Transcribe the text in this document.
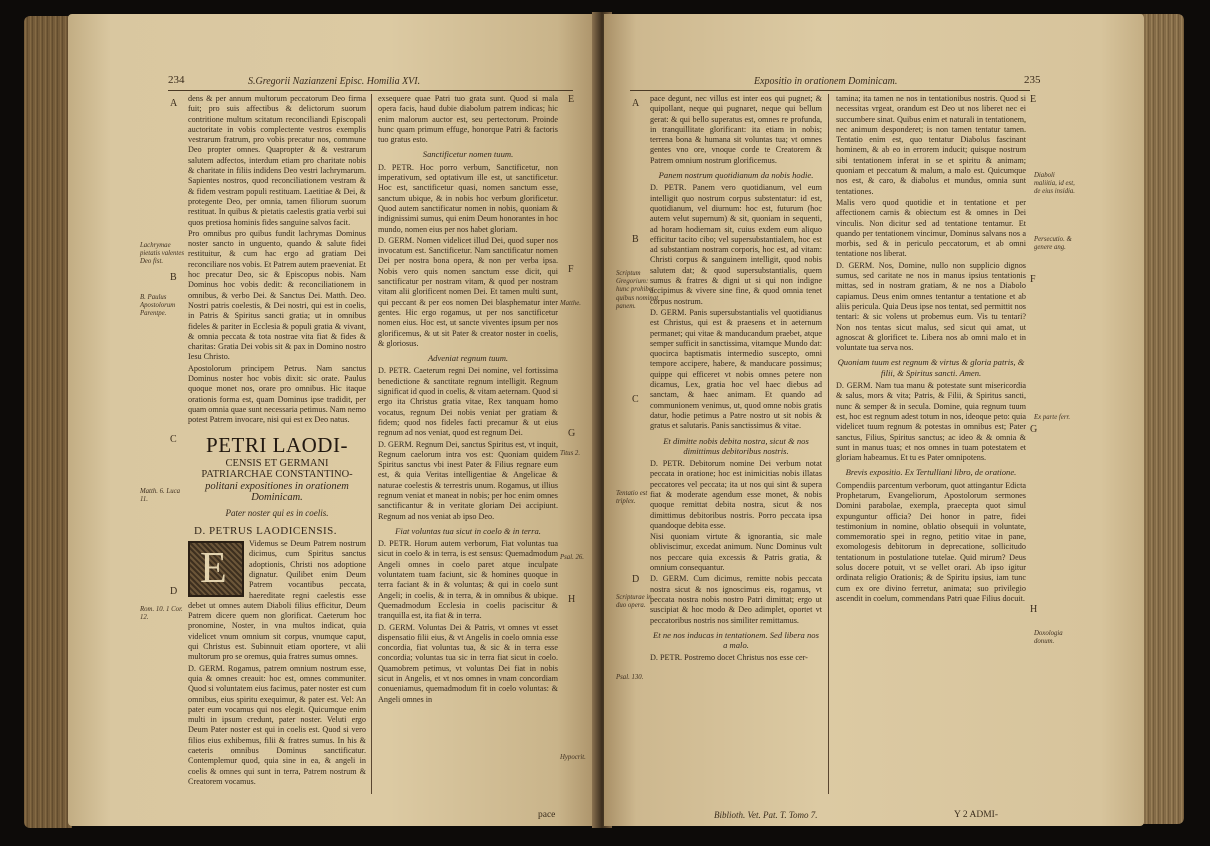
234	S.Gregorii Nazianzeni Episc. Homilia XVI.
A
B
C
D
E
F
G
H
Lachrymae pietatis valentes Deo fist.
B. Paulus Apostolorum Parentpe.
Matth. 6. Luca 11.
Rom. 10. 1 Cor. 12.
Matthe.
Titus 2.
Psal. 26.
Hypocrit.

dens & per annum multorum peccatorum Deo firma fuit; pro suis affectibus & delictorum suorum contritione multum scitatum reconciliandi Episcopali auctoritate in vobis complectente vestros exemplis vestrarum fratrum, pro vobis precatur nos, commune Deo propter omnes. Quapropter & & vestrarum salutem adfectos, interdum etiam pro charitate nobis & charitate in filiis indidens Deo vestri lachrymarum. Sapientes nostros, quod reconciliationem vestram & & fidem vestram populi restituam. Laetitiae & Dei, & protegente Deo, per omnia, tamen filiorum suorum restituat. In quibus & pietatis caelestis gratia verbi sui quos pretiosa hominis fides sanguine salvos facit.

Pro omnibus pro quibus fundit lachrymas Dominus noster sancto in unguento, quando & salute fidei restituitur, & cum hac ergo ad gratiam Dei reconciliare nos vobis. Et Patrem autem praeveniat. Et hoc precatur Deo, sic & Episcopus nobis. Nam Dominus hoc vobis dedit: & reconciliationem in omnibus, & verbo Dei. & Sanctus Dei. Matth. Deo. Nostri patris coelestis, & Dei nostri, qui est in coelis, in Patris & Spiritus sancti gratia; ut in omnibus fideles & pariter in Ecclesia & populi gratia & vivant, & omnia peccata & tota nostrae vita fiat & fides & charitas: Gratia Dei vobis sit & pax in Domino nostro Iesu Christo.

Apostolorum principem Petrus. Nam sanctus Dominus noster hoc vobis dixit: sic orate. Paulus quoque monet nos, orare pro omnibus. Hic itaque orationis forma est, quam Dominus ipse tradidit, per quam omnia quae sunt necessaria petimus. Nam nemo potest Patrem invocare, nisi qui est ex Deo natus.

PETRI LAODI-
CENSIS ET GERMANI
PATRIARCHAE CONSTANTINO-
politani expositiones in orationem
Dominicam.
Pater noster qui es in coelis.
D. PETRUS LAODICENSIS.
E	Videmus se Deum Patrem nostrum dicimus, cum Spiritus sanctus adoptionis, Christi nos adoptione dignatur. Quilibet enim Deum Patrem vocantibus peccata, haereditate regni caelestis esse debet ut omnes autem Diaboli filius efficitur, Deum Patrem dicere quem non glorificat. Caeterum hoc pronomine, Noster, in vna multos indicat, quia videlicet vnum omnium sit corpus, vnumque caput, qui Christus est. Subinnuit etiam oportere, vt alii multorum pro se oremus, quia fratres sumus omnes.

D. GERM. Rogamus, patrem omnium nostrum esse, quia & omnes creauit: hoc est, omnes communiter. Quod si voluntatem eius facimus, pater noster est cum omnibus, eius spiritu exequimur, & pater est. Vel: An pater eum vocamus qui nos elegit. Quicumque enim multi in ipsum credunt, pater noster. Veluti ergo Deum Pater noster est qui in coelis est. Quod si vero filios eius exhibemus, filii & fratres sumus. In his & caeteris omnibus Dominus sanctificatur. Contemplemur quod, quia sine in ea, & angeli in coelis & omnes qui sunt in terra, Patrem nostrum & Creatorem vocamus.

exsequere quae Patri tuo grata sunt. Quod si mala opera facis, haud dubie diabolum patrem indicas; hic enim malorum auctor est, seu pertectorum. Proinde hunc quam primum effuge, honorque Patri & factoris tuo gratus esto.

Sanctificetur nomen tuum.

D. PETR. Hoc porro verbum, Sanctificetur, non imperativum, sed optativum ille est, ut sanctificetur. Hoc est, sanctificetur quasi, nomen sanctum esse, sanctum ubique, & in nobis hoc verbum glorificetur. Quod autem sanctificatur nomen in nobis, quoniam & indignissimi sumus, qui enim Deum honorantes in hoc mundo, nomen eius per nos habet gloriam.

D. GERM. Nomen videlicet illud Dei, quod super nos invocatum est. Sanctificetur. Nam sanctificatur nomen Dei per nostra bona opera, & non per verba ipsa. Nobis vero quis nomen sanctum esse dicit, qui sanctificatur per nostram vitam, & quod per nostram vitam alii glorificent nomen Dei. Et tamen multi sunt, qui peccant & per eos nomen Dei blasphematur inter gentes. Hic ergo rogamus, ut per nos sanctificetur nomen eius. Hoc est, ut sancte viventes ipsum per nos glorificemus, & ut sit Pater & creator noster in coelis, & gloriosus.

Adveniat regnum tuum.

D. PETR. Caeterum regni Dei nomine, vel fortissima benedictione & sanctitate regnum intelligit. Regnum significat id quod in coelis, & vitam aeternam. Quod si ergo ita Christus gratia vitae, Rex tanquam homo vocatus, regnum Dei nobis veniat per gratiam & fidem; quod nos fideles facti precamur & ut eius regnum ad nos veniat, quod est regnum Dei.

D. GERM. Regnum Dei, sanctus Spiritus est, vt inquit, Regnum caelorum intra vos est: Quoniam quidem Spiritus sanctus vbi inest Pater & Filius regnare eum est, & quia Veritas intelligentiae & Angelicae & naturae coelestis & terrestris unum. Rogamus, ut illius regnum veniat et maneat in nobis; per hoc enim omnes sanctificantur & in veritate gloriam Dei accipiunt. Regnum ad nos veniat ab ipso Deo.

Fiat voluntas tua sicut in coelo & in terra.

D. PETR. Horum autem verborum, Fiat voluntas tua sicut in coelo & in terra, is est sensus: Quemadmodum Angeli omnes in coelo paret atque inculpate voluntatem tuam faciunt, sic & homines quoque in terra faciant & in & voluntas; & qui in coelo sunt Angeli; in coelis, & in terra, & in omnibus & ubique. Quemadmodum Ecclesia in coelis paciscitur & tranquilla est, ita fiat & in terra.

D. GERM. Voluntas Dei & Patris, vt omnes vt esset dispensatio filii eius, & vt Angelis in coelo omnia esse concordia, fiat voluntas tua, & sic & in terra esse concordia; voluntas tua sic in terra fiat sicut in coelo. Quamobrem petimus, vt voluntas Dei fiat in nobis sicut in Angelis, et vt nos omnes in vnam concordiam conueniamus, quemadmodum fit in coelo voluntas: & Angeli omnes in

pace
Expositio in orationem Dominicam.	235
A
B
C
D
E
F
G
H
Scriptum Gregorium: hunc prohibet quibus nominat panem.
Diaboli maliitia, id est, de eius insidia.
Tentatio est triplex.
Scripturae in duo opera.
Persecutio. & genere ang.
Ex parte ferr.
Psal. 130.
Doxologia donum.

pace degunt, nec villus est inter eos qui pugnet; & quipollant, neque qui pugnaret, neque qui bellum gerat: & qui bello superatus est, omnes re profunda, in tranquillitate glorificant: ita etiam in nobis; terrena bona & humana sit voluntas tua; vt omnes gentes vno ore, vnoque corde te Creatorem & Patrem omnium nostrum glorificemus.

Panem nostrum quotidianum da nobis hodie.

D. PETR. Panem vero quotidianum, vel eum intelligit quo nostrum corpus substentatur: id est, quotidianum, vel diurnum: hoc est, futurum (hoc autem velut supernum) & sit, quoniam in sequenti, ad horam hodiernam sit, cuius exdem eum aliquo efficitur tacito cibo; vel supersubstantialem, hoc est ad substantiam nostram corporis, hoc est, ad vitam: Christi corpus & sanguinem intelligit, quod nobis salutem dat; & quod supersubstantialis, quem sumus & fratres & digni ut si qui non indigne accipimus & vivere sine fine, & quod omnia tenet corpus nostrum.

D. GERM. Panis supersubstantialis vel quotidianus est Christus, qui est & praesens et in aeternum permanet; qui vitae & manducandum praebet, atque semper sufficit in sanctissima, vitamque Mundo dat: quocirca baptismatis intermedio suscepto, omni tempore accipere, habere, & manducare possimus; quippe qui efficeret vt nobis omnes petere non dicamus, Lex, gratia hoc vel haec diebus ad sanctam, & haec animam. Et quando ad communionem venimus, ut, quod omne nobis gratis datur, hodie petimus a Patre nostro ut sit nobis & gratus et salutaris. Panis sanctissimus & vitae.

Et dimitte nobis debita nostra, sicut & nos dimittimus debitoribus nostris.

D. PETR. Debitorum nomine Dei verbum notat peccata in oratione; hoc est inimicitias nobis illatas peccatores vel peccata; ita ut nos qui sint & supera fiat & moderate agendum esse monet, & nobis quoque remittat debita nostra, sicut & nos dimittimus debitoribus nostris. Porro peccata ipsa quandoque debita esse.

Nisi quoniam virtute & ignorantia, sic male obliviscimur, excedat animum. Nunc Dominus vult nos peccare quia excessis & Patris gratia, & omnium consequantur.

D. GERM. Cum dicimus, remitte nobis peccata nostra sicut & nos ignoscimus eis, rogamus, vt peccata nostra nobis nostro Patri dimittat; ergo ut suscipiat & hoc modo & Deo adimplet, oportet vt peccatoribus nostris nos similiter remittamus.

Et ne nos inducas in tentationem. Sed libera nos a malo.

D. PETR. Postremo docet Christus nos esse cer-

Biblioth. Vet. Pat. T. Tomo 7.

tamina; ita tamen ne nos in tentationibus nostris. Quod si necessitas vrgeat, orandum est Deo ut nos liberet nec ei succumbere sinat. Quibus enim et naturali in tentationem, nec animum desponderet; is non tamen tentatur tamen. Tentatio enim est, quo tentatur Diabolus fascinant hominem, & ab eo in errorem inducit; quisque nostrum sibi tentationem inferat in se et spiritu & animam; quoniam et peccatum & malum, a malo est. Quicumque nos est, & caro, & diabolus et mundus, omnia sunt tentationes.

Malis vero quod quotidie et in tentatione et per affectionem carnis & obiectum est & omnes in Dei vinculis. Non dicitur sed ad tentatione tentamur. Et quando per tentationem vincimur, Dominus salvans nos a morbis, sed & in periculo peccatorum, et ab omni tentatione nos liberat.

D. GERM. Nos, Domine, nullo non supplicio dignos sumus, sed caritate ne nos in manus ipsius tentationis mittas, sed in nostram gratiam, & ne nos a Diabolo capiamus. Deus enim omnes tentantur a tentatione et ab aliis pericula. Quia Deus ipse nos tentat, sed permittit nos tentari: & sic volens ut probemus eum. Vis tu tentari? Non nos tentas sicut malus, sed sicut qui amat, ut agnoscat & glorificet te. Libera nos ab omni malo et in voluntate tua serva nos.

Quoniam tuum est regnum & virtus & gloria patris, & filii, & Spiritus sancti. Amen.

D. GERM. Nam tua manu & potestate sunt misericordia & salus, mors & vita; Patris, & Filii, & Spiritus sancti, nunc & semper & in secula. Domine, quia regnum tuum est, hoc est regnum adest totum in nos, ideoque peto: quia videlicet tuum regnum & potestas in omnibus est; Pater sanctus, Filius, Spiritus sanctus; ac ideo & & omnia & sunt in manus tuas; et nos omnes in tuam potestatem et gloriam habeamus. Et tu es Pater omnipotens.

Brevis expositio. Ex Tertulliani libro, de oratione.

Compendiis parcentum verborum, quot attingantur Edicta Prophetarum, Evangeliorum, Apostolorum sermones Domini parabolae, exempla, praecepta quot simul expunguntur officia? Dei honor in patre, fidei testimonium in nomine, oblatio obsequii in voluntate, commemoratio spei in regno, petitio vitae in pane, exomologesis debitorum in deprecatione, sollicitudo tentationum in postulatione tutelae. Quid mirum? Deus solus docere potuit, vt se vellet orari. Ab ipso igitur ordinata religio Orationis; & de Spiritu ipsius, iam tunc cum ex ore divino ferretur, animata; suo privilegio ascendit in coelum, commendans Patri quae Filius docuit.

Y 2 ADMI-
